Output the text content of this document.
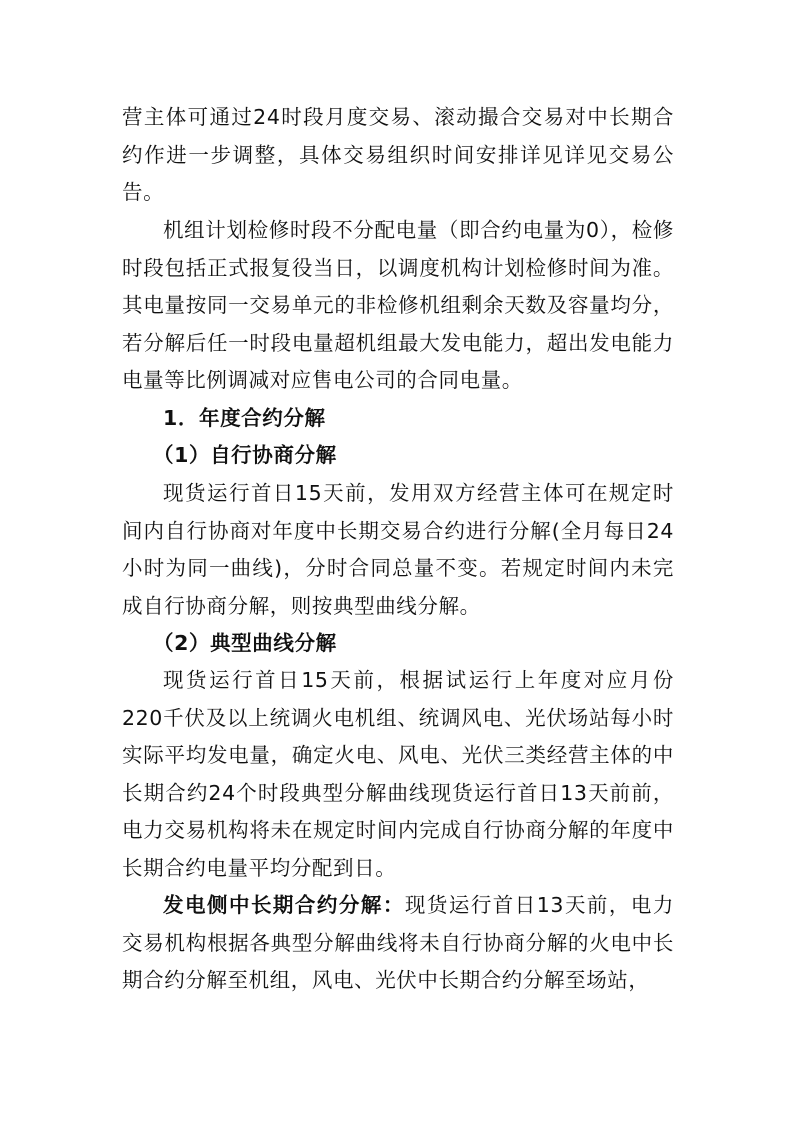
营主体可通过24时段月度交易、滚动撮合交易对中长期合约作进一步调整，具体交易组织时间安排详见详见交易公告。

机组计划检修时段不分配电量（即合约电量为0），检修时段包括正式报复役当日，以调度机构计划检修时间为准。其电量按同一交易单元的非检修机组剩余天数及容量均分，若分解后任一时段电量超机组最大发电能力，超出发电能力电量等比例调减对应售电公司的合同电量。

1．年度合约分解
（1）自行协商分解

现货运行首日15天前，发用双方经营主体可在规定时间内自行协商对年度中长期交易合约进行分解(全月每日24小时为同一曲线)，分时合同总量不变。若规定时间内未完成自行协商分解，则按典型曲线分解。

（2）典型曲线分解

现货运行首日15天前，根据试运行上年度对应月份220千伏及以上统调火电机组、统调风电、光伏场站每小时实际平均发电量，确定火电、风电、光伏三类经营主体的中长期合约24个时段典型分解曲线现货运行首日13天前前，电力交易机构将未在规定时间内完成自行协商分解的年度中长期合约电量平均分配到日。

发电侧中长期合约分解：现货运行首日13天前，电力交易机构根据各典型分解曲线将未自行协商分解的火电中长期合约分解至机组，风电、光伏中长期合约分解至场站，
